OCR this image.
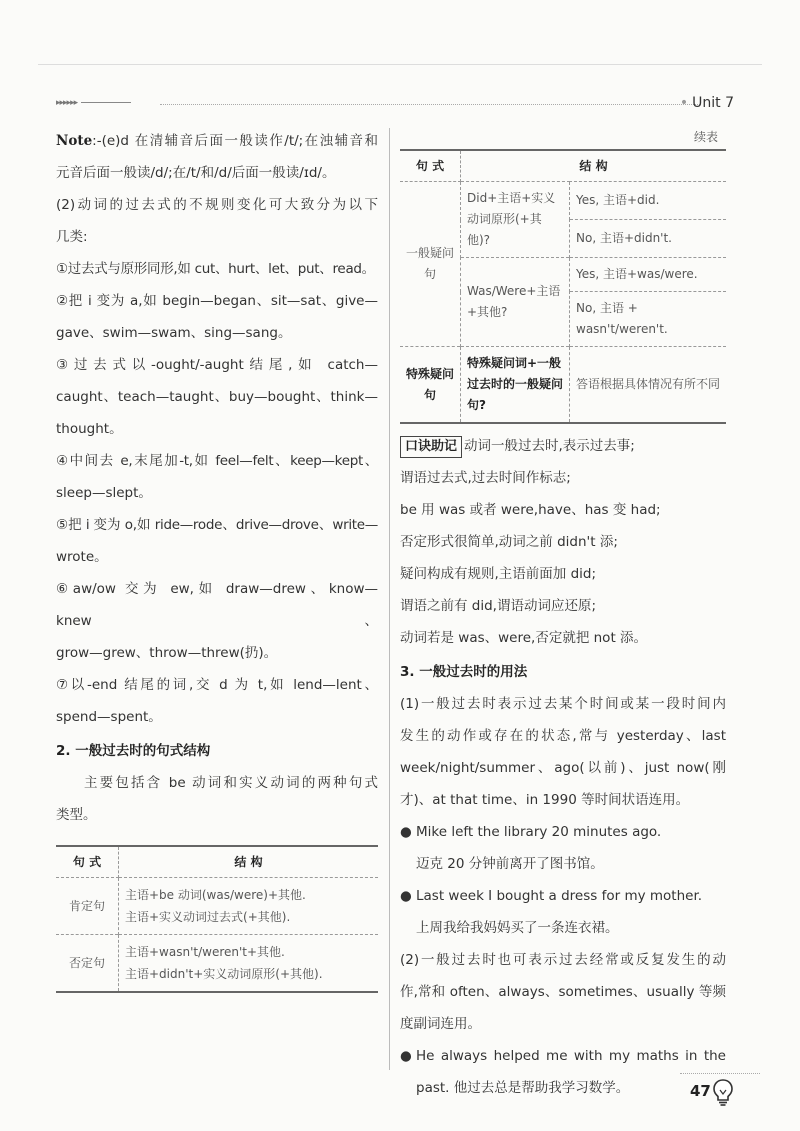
▸▸▸▸▸▸	• Unit 7

Note:-(e)d 在清辅音后面一般读作/t/;在浊辅音和

元音后面一般读/d/;在/t/和/d/后面一般读/ɪd/。

(2)动词的过去式的不规则变化可大致分为以下

几类:

①过去式与原形同形,如 cut、hurt、let、put、read。

②把 i 变为 a,如 begin—began、sit—sat、give—

gave、swim—swam、sing—sang。

③过去式以-ought/-aught结尾,如 catch—

caught、teach—taught、buy—bought、think—

thought。

④中间去 e,末尾加-t,如 feel—felt、keep—kept、

sleep—slept。

⑤把 i 变为 o,如 ride—rode、drive—drove、write—

wrote。

⑥aw/ow 交为 ew,如 draw—drew、know—knew、

grow—grew、throw—threw(扔)。

⑦以-end 结尾的词,交 d 为 t,如 lend—lent、

spend—spent。

2. 一般过去时的句式结构

主要包括含 be 动词和实义动词的两种句式

类型。

句 式	结 构
肯定句	主语+be 动词(was/were)+其他.
主语+实义动词过去式(+其他).

否定句	主语+wasn't/weren't+其他.
主语+didn't+实义动词原形(+其他).
续表
句 式	结 构	
一般疑问句	Did+主语+实义动词原形(+其他)?	Yes, 主语+did.
		No, 主语+didn't.
	Was/Were+主语+其他?	Yes, 主语+was/were.
		No, 主语 + wasn't/weren't.
特殊疑问句	特殊疑问词+一般过去时的一般疑问句?	答语根据具体情况有所不同

口诀助记 动词一般过去时,表示过去事;

谓语过去式,过去时间作标志;

be 用 was 或者 were,have、has 变 had;

否定形式很简单,动词之前 didn't 添;

疑问构成有规则,主语前面加 did;

谓语之前有 did,谓语动词应还原;

动词若是 was、were,否定就把 not 添。

3. 一般过去时的用法

(1)一般过去时表示过去某个时间或某一段时间内

发生的动作或存在的状态,常与 yesterday、last

week/night/summer、ago(以前)、just now(刚

才)、at that time、in 1990 等时间状语连用。

● Mike left the library 20 minutes ago.

迈克 20 分钟前离开了图书馆。

● Last week I bought a dress for my mother.

上周我给我妈妈买了一条连衣裙。

(2)一般过去时也可表示过去经常或反复发生的动

作,常和 often、always、sometimes、usually 等频

度副词连用。

● He always helped me with my maths in the

past. 他过去总是帮助我学习数学。	47
